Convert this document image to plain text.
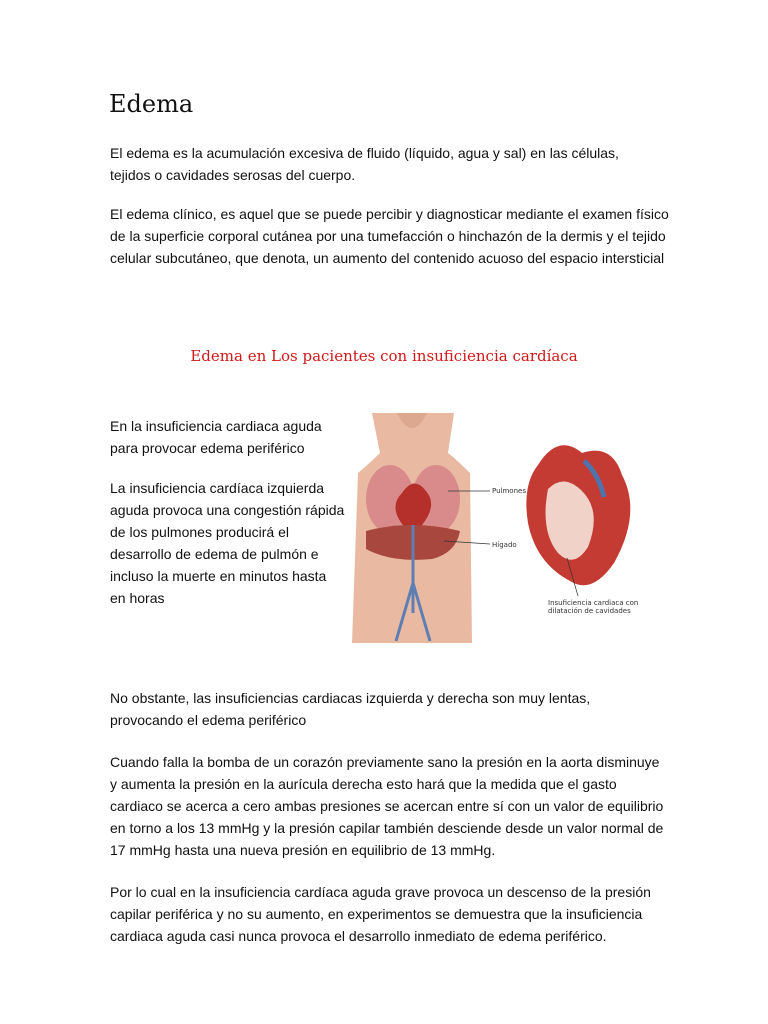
Edema

El edema es la acumulación excesiva de fluido (líquido, agua y sal) en las células, tejidos o cavidades serosas del cuerpo.

El edema clínico, es aquel que se puede percibir y diagnosticar mediante el examen físico de la superficie corporal cutánea por una tumefacción o hinchazón de la dermis y el tejido celular subcutáneo, que denota, un aumento del contenido acuoso del espacio intersticial

Edema en Los pacientes con insuficiencia cardíaca

En la insuficiencia cardiaca aguda para provocar edema periférico

La insuficiencia cardíaca izquierda aguda provoca una congestión rápida de los pulmones producirá el desarrollo de edema de pulmón e incluso la muerte en minutos hasta en horas

Pulmones
Hígado
Insuficiencia cardiaca con dilatación de cavidades

No obstante, las insuficiencias cardiacas izquierda y derecha son muy lentas, provocando el edema periférico

Cuando falla la bomba de un corazón previamente sano la presión en la aorta disminuye y aumenta la presión en la aurícula derecha esto hará que la medida que el gasto cardiaco se acerca a cero ambas presiones se acercan entre sí con un valor de equilibrio en torno a los 13 mmHg y la presión capilar también desciende desde un valor normal de 17 mmHg hasta una nueva presión en equilibrio de 13 mmHg.

Por lo cual en la insuficiencia cardíaca aguda grave provoca un descenso de la presión capilar periférica y no su aumento, en experimentos se demuestra que la insuficiencia cardiaca aguda casi nunca provoca el desarrollo inmediato de edema periférico.
